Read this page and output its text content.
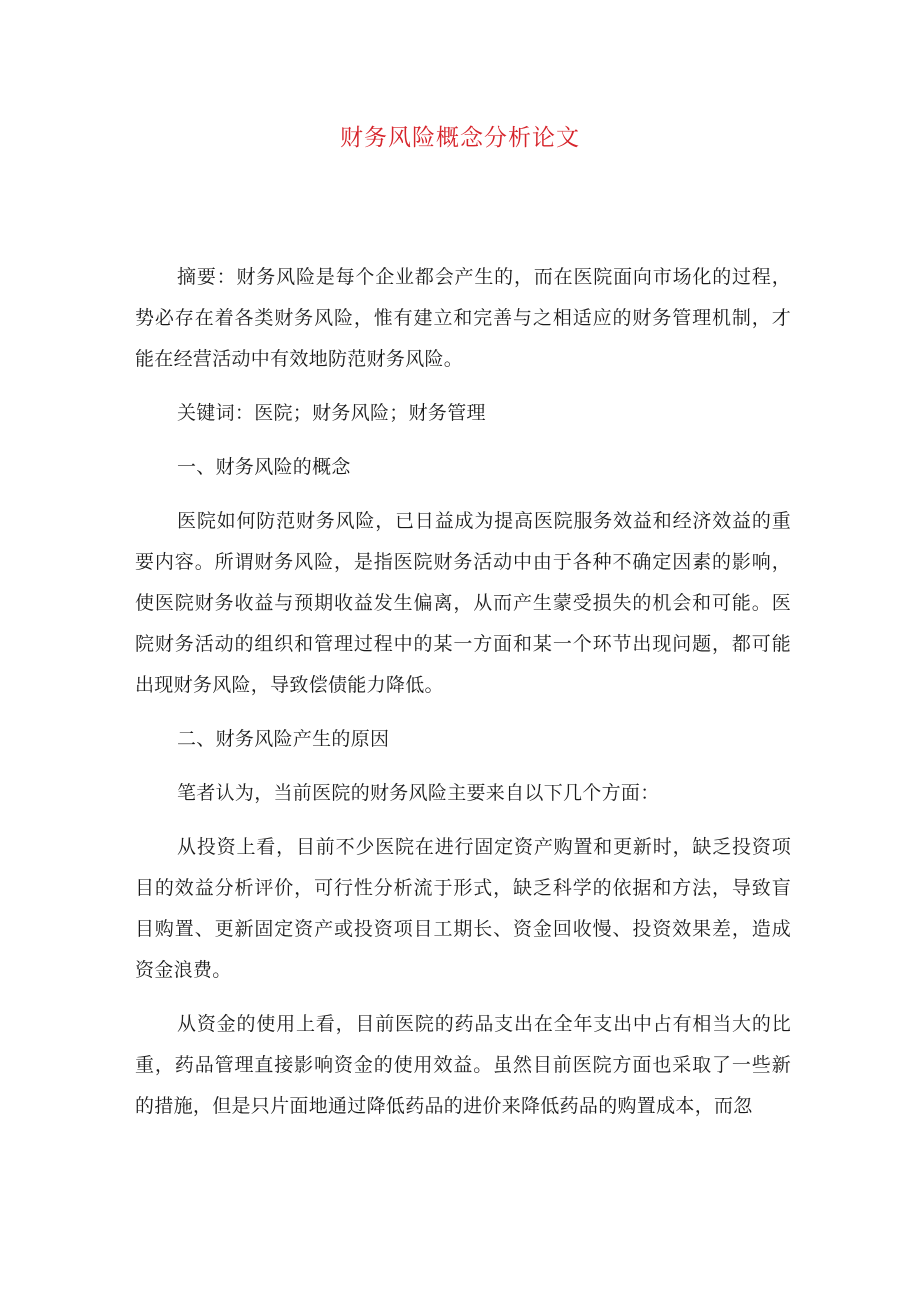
财务风险概念分析论文

摘要：财务风险是每个企业都会产生的，而在医院面向市场化的过程，势必存在着各类财务风险，惟有建立和完善与之相适应的财务管理机制，才能在经营活动中有效地防范财务风险。

关键词：医院；财务风险；财务管理

一、财务风险的概念

医院如何防范财务风险，已日益成为提高医院服务效益和经济效益的重要内容。所谓财务风险，是指医院财务活动中由于各种不确定因素的影响，使医院财务收益与预期收益发生偏离，从而产生蒙受损失的机会和可能。医院财务活动的组织和管理过程中的某一方面和某一个环节出现问题，都可能出现财务风险，导致偿债能力降低。

二、财务风险产生的原因

笔者认为，当前医院的财务风险主要来自以下几个方面：

从投资上看，目前不少医院在进行固定资产购置和更新时，缺乏投资项目的效益分析评价，可行性分析流于形式，缺乏科学的依据和方法，导致盲目购置、更新固定资产或投资项目工期长、资金回收慢、投资效果差，造成资金浪费。

从资金的使用上看，目前医院的药品支出在全年支出中占有相当大的比重，药品管理直接影响资金的使用效益。虽然目前医院方面也采取了一些新的措施，但是只片面地通过降低药品的进价来降低药品的购置成本，而忽
